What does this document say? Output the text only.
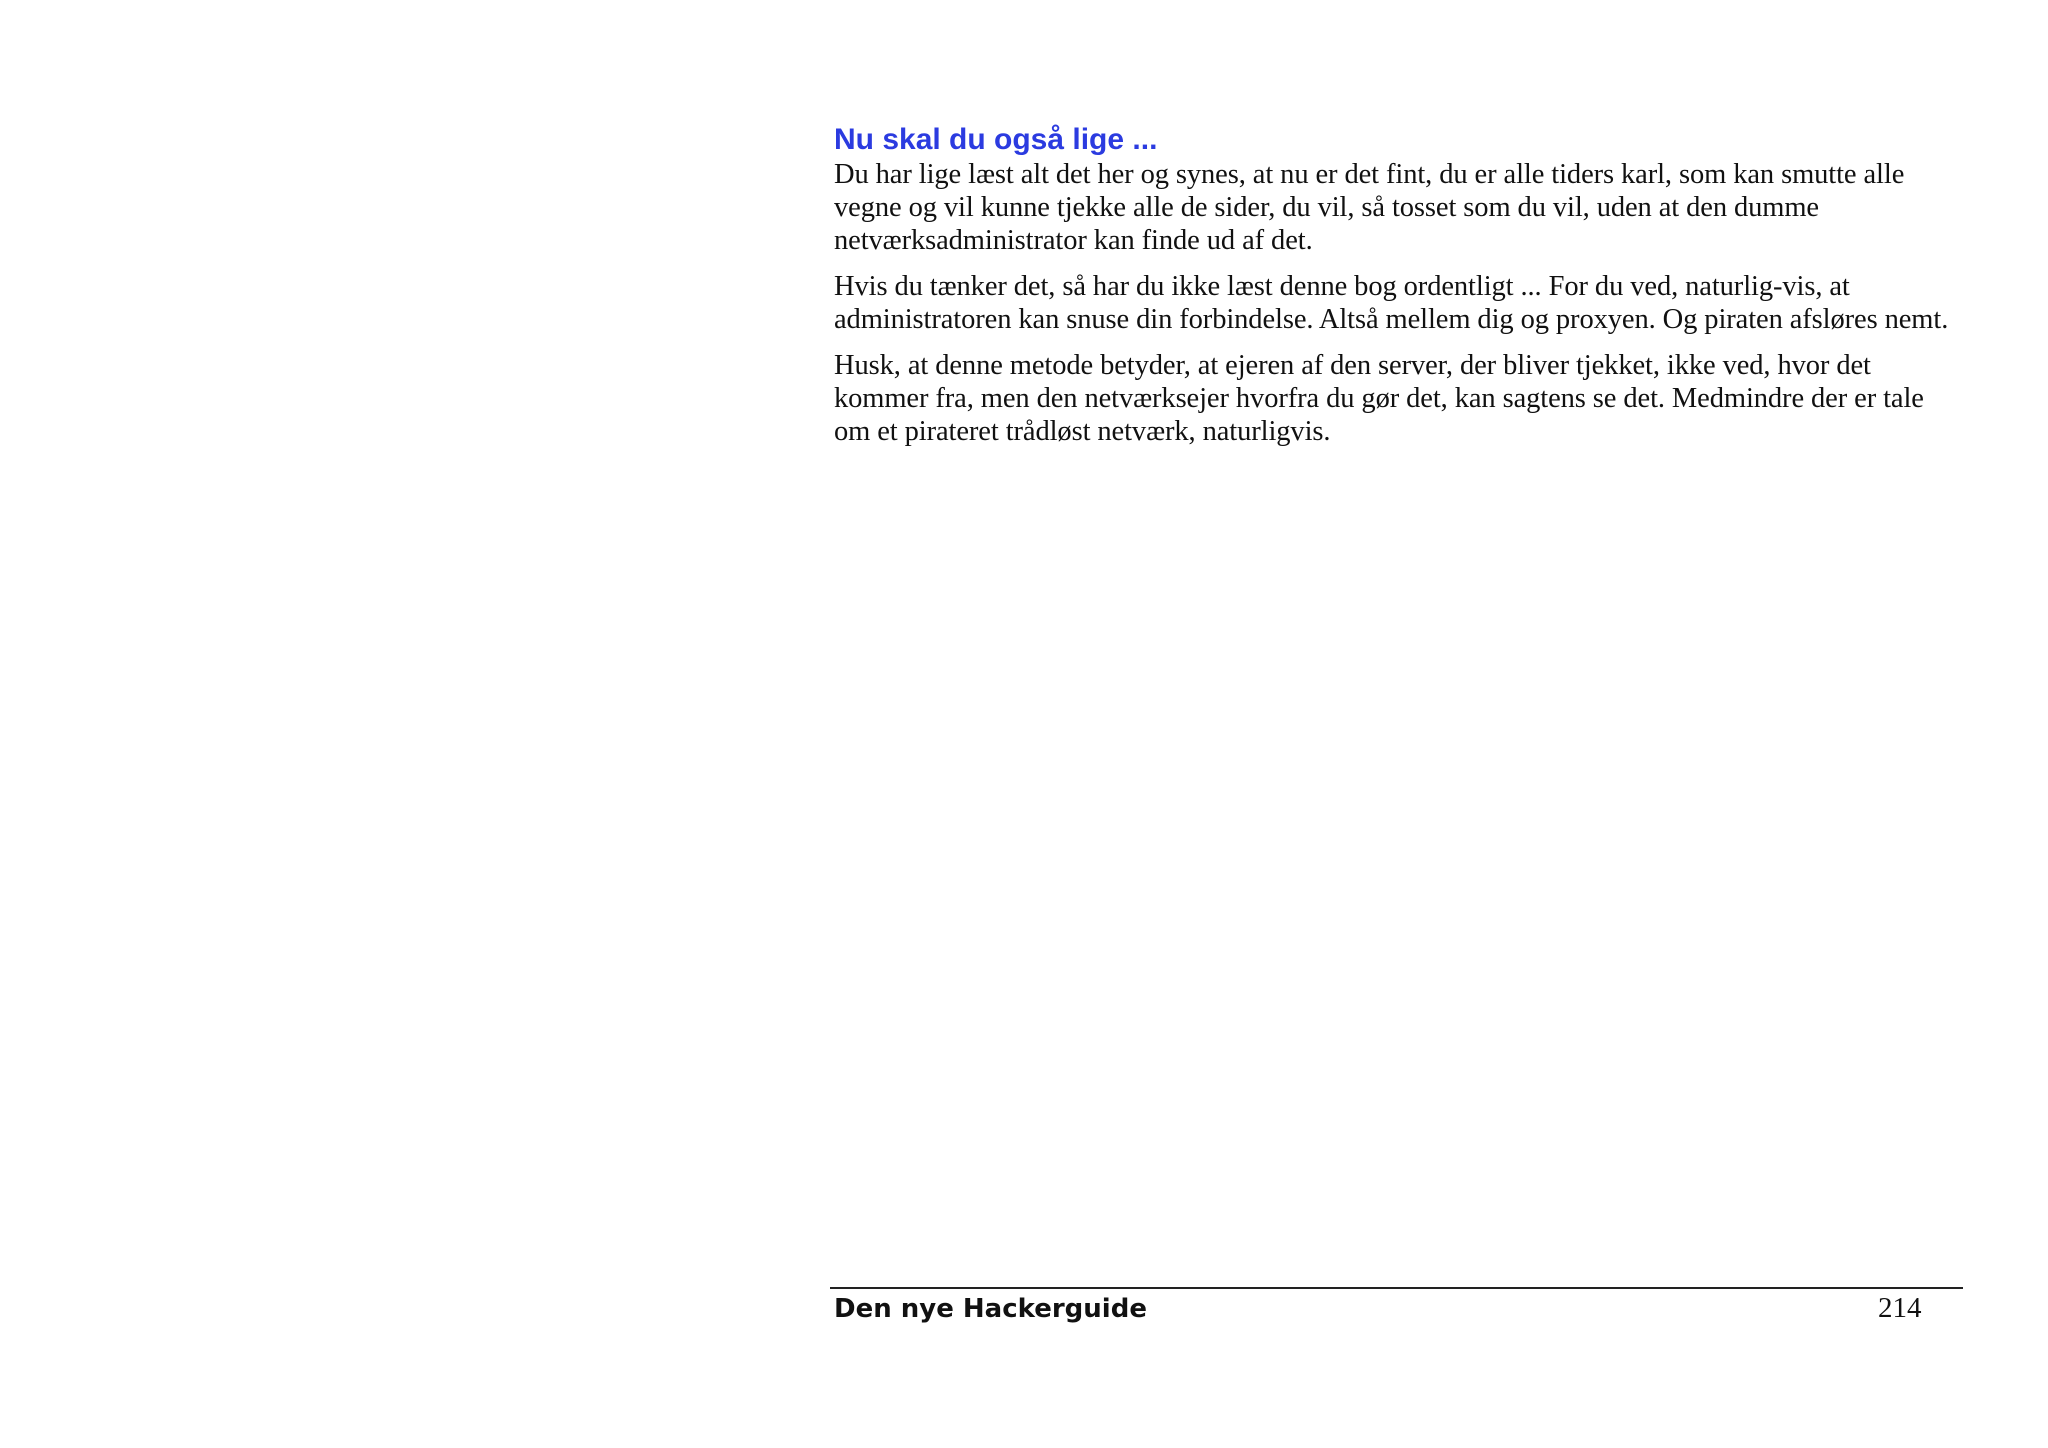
Nu skal du også lige ...

Du har lige læst alt det her og synes, at nu er det fint, du er alle tiders karl, som kan smutte alle vegne og vil kunne tjekke alle de sider, du vil, så tosset som du vil, uden at den dumme netværksadministrator kan finde ud af det.

Hvis du tænker det, så har du ikke læst denne bog ordentligt ... For du ved, naturlig-vis, at administratoren kan snuse din forbindelse. Altså mellem dig og proxyen. Og piraten afsløres nemt.

Husk, at denne metode betyder, at ejeren af den server, der bliver tjekket, ikke ved, hvor det kommer fra, men den netværksejer hvorfra du gør det, kan sagtens se det. Medmindre der er tale om et pirateret trådløst netværk, naturligvis.

Den nye Hackerguide	214
